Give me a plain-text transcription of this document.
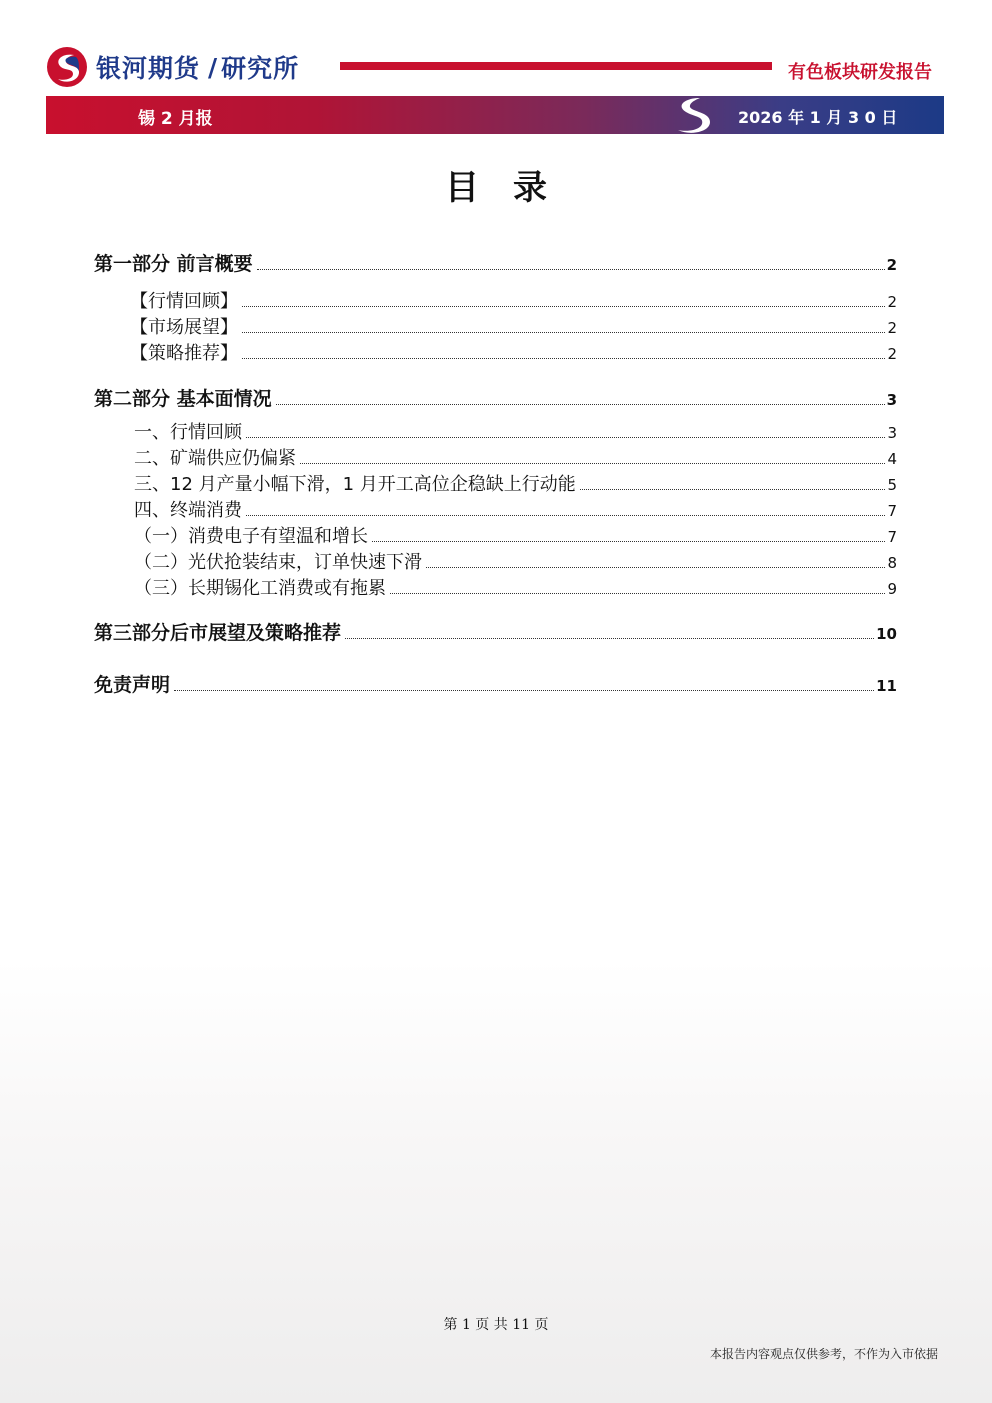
银河期货 / 研究所	有色板块研发报告
锡 2 月报	2026 年 1 月 3 0 日
目录
第一部分 前言概要	2
【行情回顾】	2
【市场展望】	2
【策略推荐】	2
第二部分 基本面情况	3
一、行情回顾	3
二、矿端供应仍偏紧	4
三、12 月产量小幅下滑，1 月开工高位企稳缺上行动能	5
四、终端消费	7
（一）消费电子有望温和增长	7
（二）光伏抢装结束，订单快速下滑	8
（三）长期锡化工消费或有拖累	9
第三部分后市展望及策略推荐	10
免责声明	11
第 1 页 共 11 页
本报告内容观点仅供参考，不作为入市依据
